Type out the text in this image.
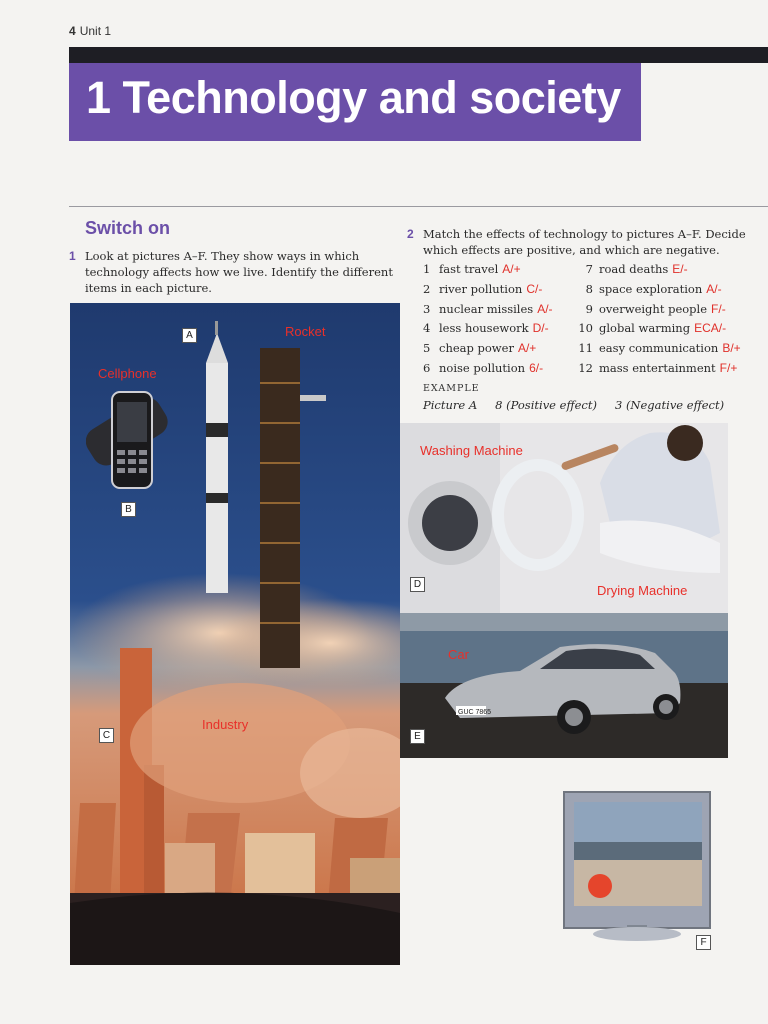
4 Unit 1
1 Technology and society
Switch on
1 Look at pictures A–F. They show ways in which
technology affects how we live. Identify the different
items in each picture.
2 Match the effects of technology to pictures A–F. Decide
which effects are positive, and which are negative.
1 fast travel A/+
2 river pollution C/-
3 nuclear missiles A/-
4 less housework D/-
5 cheap power A/+
6 noise pollution 6/-
7 road deaths E/-
8 space exploration A/-
9 overweight people F/-
10 global warming ECA/-
11 easy communication B/+
12 mass entertainment F/+
EXAMPLE
Picture A 8 (Positive effect) 3 (Negative effect)
GUC 7865
A
B
C
D
E
F
Rocket
Cellphone
Washing Machine
Drying Machine
Car
Industry
